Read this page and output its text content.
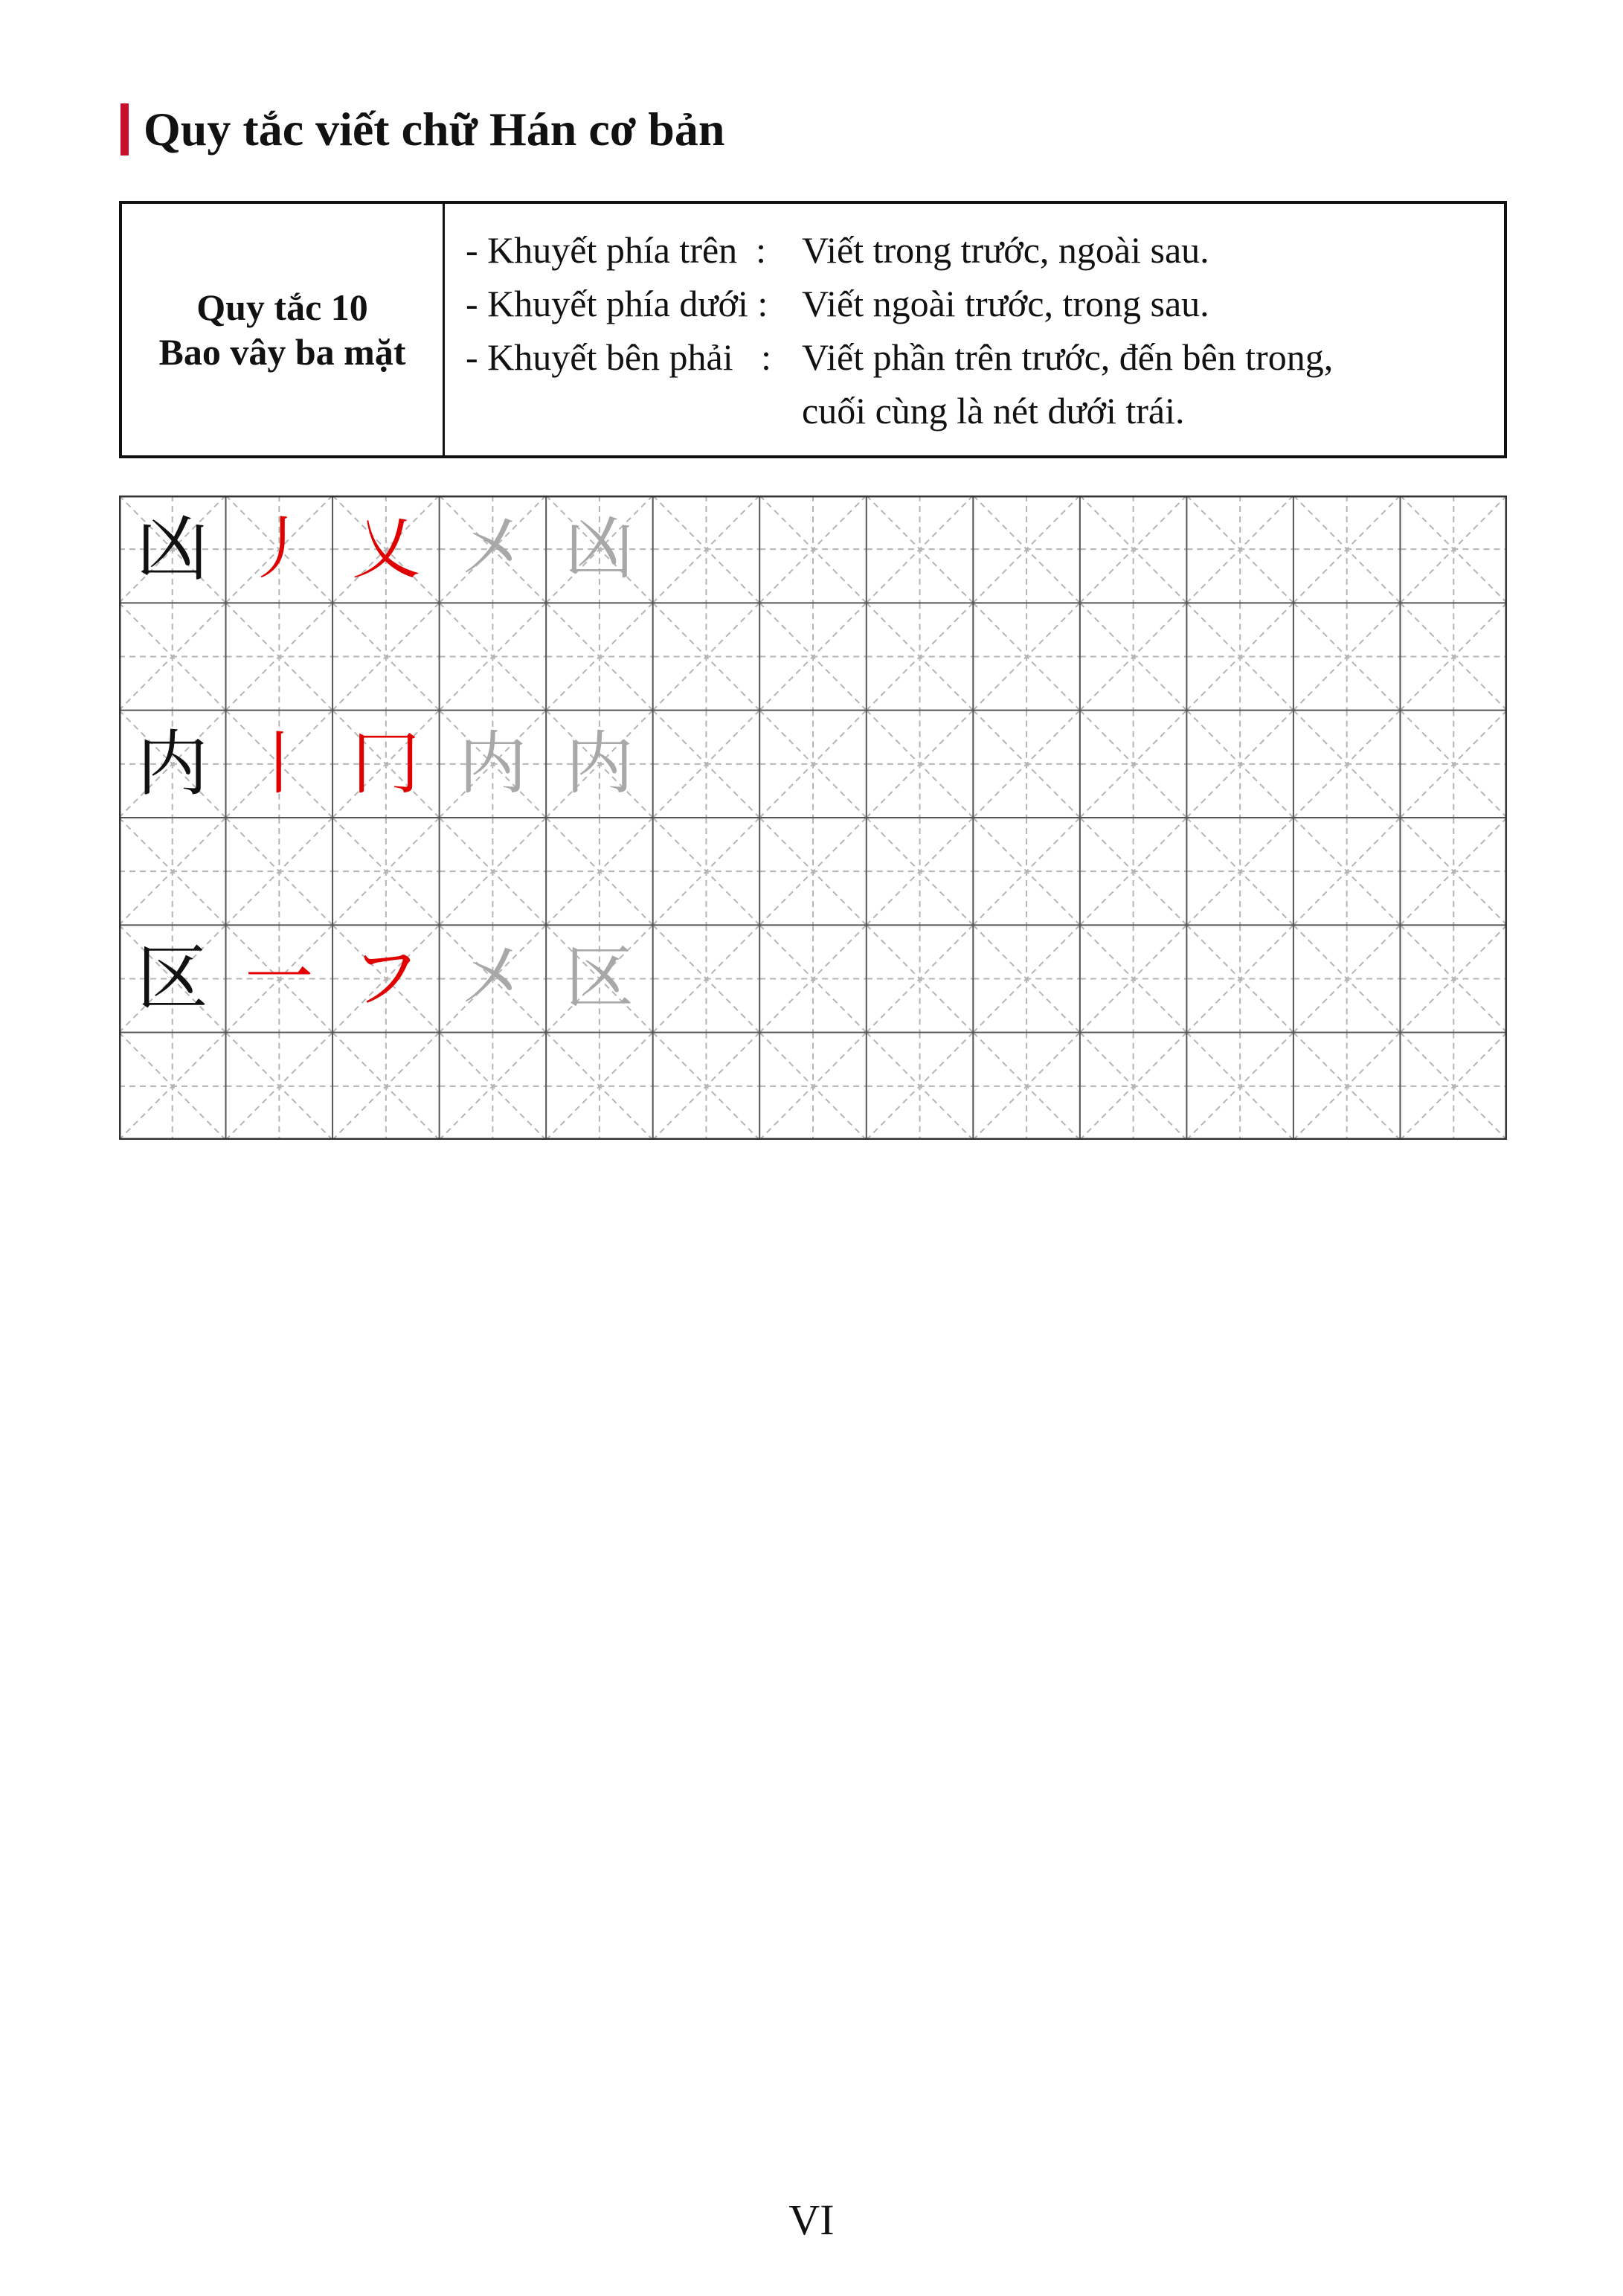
Quy tắc viết chữ Hán cơ bản
Quy tắc 10
Bao vây ba mặt
- Khuyết phía trên  : Viết trong trước, ngoài sau.
- Khuyết phía dưới : Viết ngoài trước, trong sau.
- Khuyết bên phải   : Viết phần trên trước, đến bên trong,
cuối cùng là nét dưới trái.
凶 丿 乂 㐅 凶
内 丨 冂 内 内
区 一 フ 㐅 区
VI
